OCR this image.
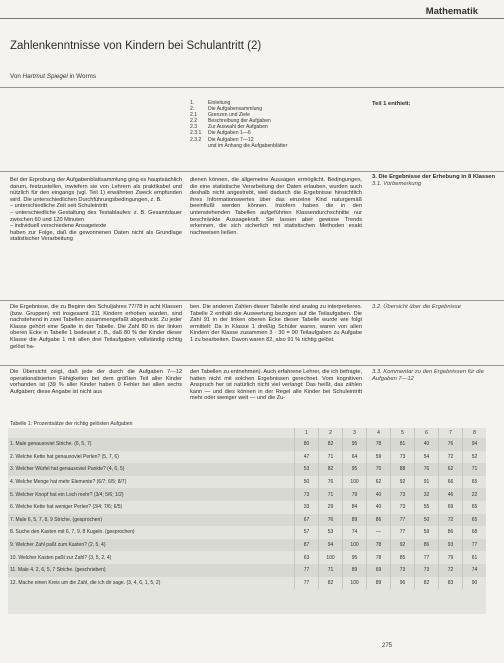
Mathematik
Zahlenkenntnisse von Kindern bei Schulantritt (2)
Von Hartmut Spiegel in Worms
1.	Einleitung
2.	Die Aufgabensammlung
2.1	Grenzen und Ziele
2.2	Beschreibung der Aufgaben
2.3	Zur Auswahl der Aufgaben
2.3.1	Die Aufgaben 1—6
2.3.2	Die Aufgaben 7—12
und im Anhang die Aufgabenblätter
Teil 1 enthielt:
3. Die Ergebnisse der Erhebung in 8 Klassen
3.1. Vorbemerkung
Bei der Erprobung der Aufgabenblattsammlung ging es hauptsächlich darum, festzustellen, inwiefern sie von Lehrern als praktikabel und nützlich für den eingangs (vgl. Teil 1) erwähnten Zweck empfunden wird. Die unterschiedlichen Durchführungsbedingungen, z. B.
– unterschiedliche Zeit seit Schuleintritt
– unterschiedliche Gestaltung des Testablaufes: z. B. Gesamtdauer zwischen 60 und 120 Minuten
– individuell verschiedene Ansagetexte
haben zur Folge, daß die gewonnenen Daten nicht als Grundlage statistischer Verarbeitung
dienen können, die allgemeine Aussagen ermöglicht. Bedingungen, die eine statistische Verarbeitung der Daten erlauben, wurden auch deshalb nicht angestrebt, weil dadurch die Ergebnisse hinsichtlich ihres Informationswertes über das einzelne Kind naturgemäß beeinflußt werden können. Insofern haben die in den untenstehenden Tabellen aufgeführten Klassendurchschnitte nur beschränkte Aussagekraft. Sie lassen aber gewisse Trends erkennen, die sich sicherlich mit statistischen Methoden exakt nachweisen ließen.
Die Ergebnisse, die zu Beginn des Schuljahres 77/78 in acht Klassen (bzw. Gruppen) mit insgesamt 211 Kindern erhoben wurden, sind nachstehend in zwei Tabellen zusammengefaßt abgedruckt. Zu jeder Klasse gehört eine Spalte in der Tabelle. Die Zahl 80 in der linken oberen Ecke in Tabelle 1 bedeutet z. B., daß 80 % der Kinder dieser Klasse die Aufgabe 1 mit allen drei Teilaufgaben vollständig richtig gelöst ha-
ben. Die anderen Zahlen dieser Tabelle sind analog zu interpretieren. Tabelle 2 enthält die Auswertung bezogen auf die Teilaufgaben. Die Zahl 91 in der linken oberen Ecke dieser Tabelle wurde wie folgt ermittelt: Da in Klasse 1 dreißig Schüler waren, waren von allen Kindern der Klasse zusammen 3 · 30 = 90 Teilaufgaben zu Aufgabe 1 zu bearbeiten. Davon waren 82, also 91 % richtig gelöst.
3.2. Übersicht über die Ergebnisse
Die Übersicht zeigt, daß jede der durch die Aufgaben 7—12 operationalisierten Fähigkeiten bei dem größten Teil aller Kinder vorhanden ist (39 % aller Kinder haben 0 Fehler bei allen sechs Aufgaben; diese Angabe ist nicht aus
den Tabellen zu entnehmen). Auch erfahrene Lehrer, die ich befragte, hatten nicht mit solchen Ergebnissen gerechnet. Vom kognitiven Anspruch her ist natürlich nicht viel verlangt: Das heißt, das zählen kann — und dies können in der Regel alle Kinder bei Schuleintritt mehr oder weniger weit — und die Zu-
3.3. Kommentar zu den Ergebnissen für die Aufgaben 7—12
Tabelle 1: Prozentsätze der richtig gelösten Aufgaben
	1	2	3	4	5	6	7	8
1. Male genausoviel Striche. (6, 5, 7)	80	82	95	78	81	40	76	94
2. Welche Kette hat genausoviel Perlen? (5, 7, 6)	47	71	64	59	73	54	72	52
3. Welcher Würfel hat genausoviel Punkte? (4, 6, 5)	53	82	95	70	88	76	62	71
4. Welche Menge hat mehr Elemente? (6/7; 6/5; 8/7)	50	76	100	62	92	91	66	65
5. Welcher Knopf hat ein Loch mehr? (3/4; 5/6; 1/2)	73	71	79	40	73	32	46	22
6. Welche Kette hat weniger Perlen? (3/4; 7/6; 6/5)	33	29	84	40	73	55	69	65
7. Male 6, 5, 7, 8, 9 Striche. (gesprochen)	67	76	89	86	77	50	72	65
8. Suche den Kasten mit 6, 7, 9, 8 Kugeln. (gesprochen)	57	53	74	—	77	59	86	68
9. Welcher Zahl paßt zum Kasten? (2, 5, 4)	87	94	100	78	92	86	93	77
10. Welcher Kasten paßt zur Zahl? (3, 5, 2, 4)	63	100	95	78	85	77	79	61
11. Male 4, 2, 6, 5, 7 Striche. (geschrieben)	77	71	89	69	73	73	72	74
12. Mache einen Kreis um die Zahl, die ich dir sage. (3, 4, 6, 1, 5, 2)	77	82	100	89	96	82	83	90
275
